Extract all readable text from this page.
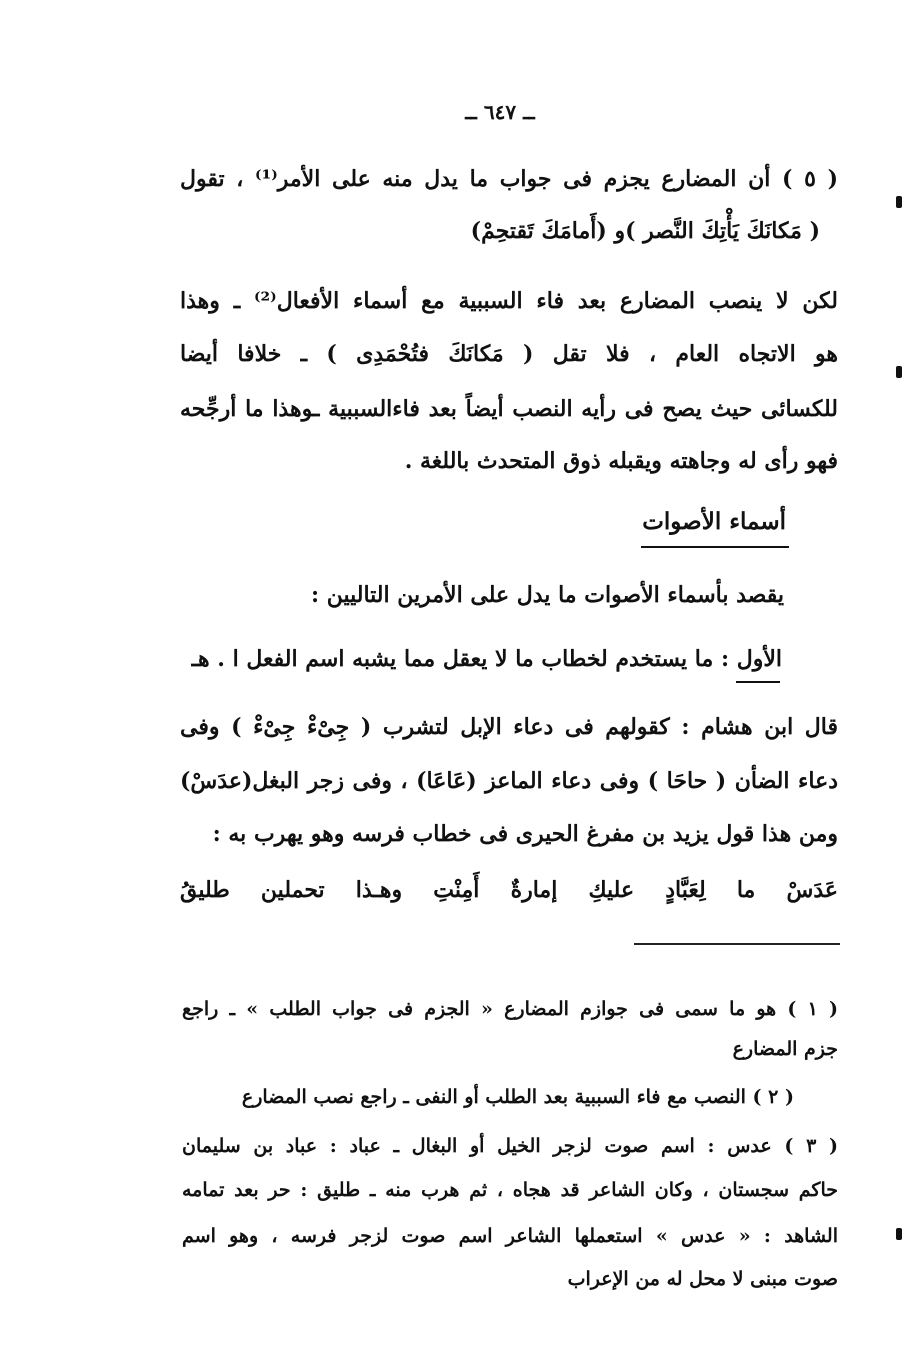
ــ ٦٤٧ ــ
( ٥ ) أن المضارع يجزم فى جواب ما يدل منه على الأمر⁽¹⁾ ، تقول
( مَكانَكَ يَأْتِكَ النَّصر )و (أَمامَكَ تَقتحِمْ)
لكن لا ينصب المضارع بعد فاء السببية مع أسماء الأفعال⁽²⁾ ـ وهذا
هو الاتجاه العام ، فلا تقل ( مَكانَكَ فتُحْمَدِى ) ـ خلافا أيضا
للكسائى حيث يصح فى رأيه النصب أيضاً بعد فاءالسببية ـوهذا ما أرجِّحه
فهو رأى له وجاهته ويقبله ذوق المتحدث باللغة .
أسماء الأصوات
يقصد بأسماء الأصوات ما يدل على الأمرين التاليين :
الأول : ما يستخدم لخطاب ما لا يعقل مما يشبه اسم الفعل ا . هـ
قال ابن هشام : كقولهم فى دعاء الإبل لتشرب ( جِىْءْ جِىْءْ ) وفى
دعاء الضأن ( حاحَا ) وفى دعاء الماعز (عَاعَا) ، وفى زجر البغل(عدَسْ)
ومن هذا قول يزيد بن مفرغ الحيرى فى خطاب فرسه وهو يهرب به :
عَدَسْ ما لِعَبَّادٍ عليكِ إمارةٌ أَمِنْتِ وهـذا تحملين طليقُ
( ١ ) هو ما سمى فى جوازم المضارع « الجزم فى جواب الطلب » ـ راجع
جزم المضارع
( ٢ ) النصب مع فاء السببية بعد الطلب أو النفى ـ راجع نصب المضارع
( ٣ ) عدس : اسم صوت لزجر الخيل أو البغال ـ عباد : عباد بن سليمان
حاكم سجستان ، وكان الشاعر قد هجاه ، ثم هرب منه ـ طليق : حر بعد تمامه
الشاهد : « عدس » استعملها الشاعر اسم صوت لزجر فرسه ، وهو اسم
صوت مبنى لا محل له من الإعراب
